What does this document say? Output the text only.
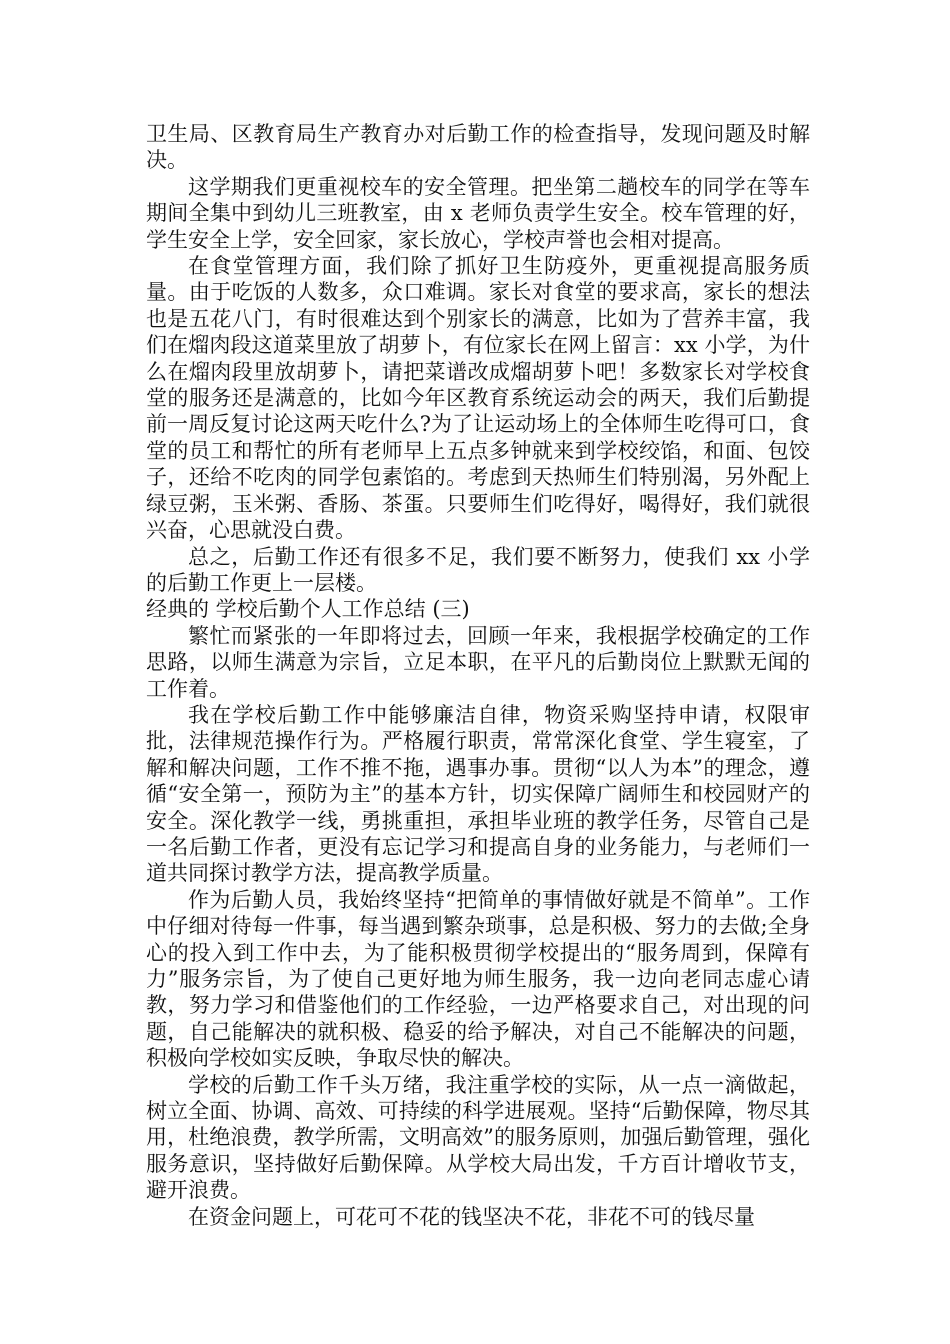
卫生局、区教育局生产教育办对后勤工作的检查指导，发现问题及时解决。

这学期我们更重视校车的安全管理。把坐第二趟校车的同学在等车期间全集中到幼儿三班教室，由 x 老师负责学生安全。校车管理的好，学生安全上学，安全回家，家长放心，学校声誉也会相对提高。

在食堂管理方面，我们除了抓好卫生防疫外，更重视提高服务质量。由于吃饭的人数多，众口难调。家长对食堂的要求高，家长的想法也是五花八门，有时很难达到个别家长的满意，比如为了营养丰富，我们在熘肉段这道菜里放了胡萝卜，有位家长在网上留言：xx 小学，为什么在熘肉段里放胡萝卜，请把菜谱改成熘胡萝卜吧！多数家长对学校食堂的服务还是满意的，比如今年区教育系统运动会的两天，我们后勤提前一周反复讨论这两天吃什么?为了让运动场上的全体师生吃得可口，食堂的员工和帮忙的所有老师早上五点多钟就来到学校绞馅，和面、包饺子，还给不吃肉的同学包素馅的。考虑到天热师生们特别渴，另外配上绿豆粥，玉米粥、香肠、茶蛋。只要师生们吃得好，喝得好，我们就很兴奋，心思就没白费。

总之，后勤工作还有很多不足，我们要不断努力，使我们 xx 小学的后勤工作更上一层楼。

经典的 学校后勤个人工作总结 (三)

繁忙而紧张的一年即将过去，回顾一年来，我根据学校确定的工作思路，以师生满意为宗旨，立足本职，在平凡的后勤岗位上默默无闻的工作着。

我在学校后勤工作中能够廉洁自律，物资采购坚持申请，权限审批，法律规范操作行为。严格履行职责，常常深化食堂、学生寝室，了解和解决问题，工作不推不拖，遇事办事。贯彻“以人为本”的理念，遵循“安全第一，预防为主”的基本方针，切实保障广阔师生和校园财产的安全。深化教学一线，勇挑重担，承担毕业班的教学任务，尽管自己是一名后勤工作者，更没有忘记学习和提高自身的业务能力，与老师们一道共同探讨教学方法，提高教学质量。

作为后勤人员，我始终坚持“把简单的事情做好就是不简单”。工作中仔细对待每一件事，每当遇到繁杂琐事，总是积极、努力的去做;全身心的投入到工作中去，为了能积极贯彻学校提出的“服务周到，保障有力”服务宗旨，为了使自己更好地为师生服务，我一边向老同志虚心请教，努力学习和借鉴他们的工作经验，一边严格要求自己，对出现的问题，自己能解决的就积极、稳妥的给予解决，对自己不能解决的问题，积极向学校如实反映，争取尽快的解决。

学校的后勤工作千头万绪，我注重学校的实际，从一点一滴做起，树立全面、协调、高效、可持续的科学进展观。坚持“后勤保障，物尽其用，杜绝浪费，教学所需，文明高效”的服务原则，加强后勤管理，强化服务意识，坚持做好后勤保障。从学校大局出发，千方百计增收节支，避开浪费。

在资金问题上，可花可不花的钱坚决不花，非花不可的钱尽量
